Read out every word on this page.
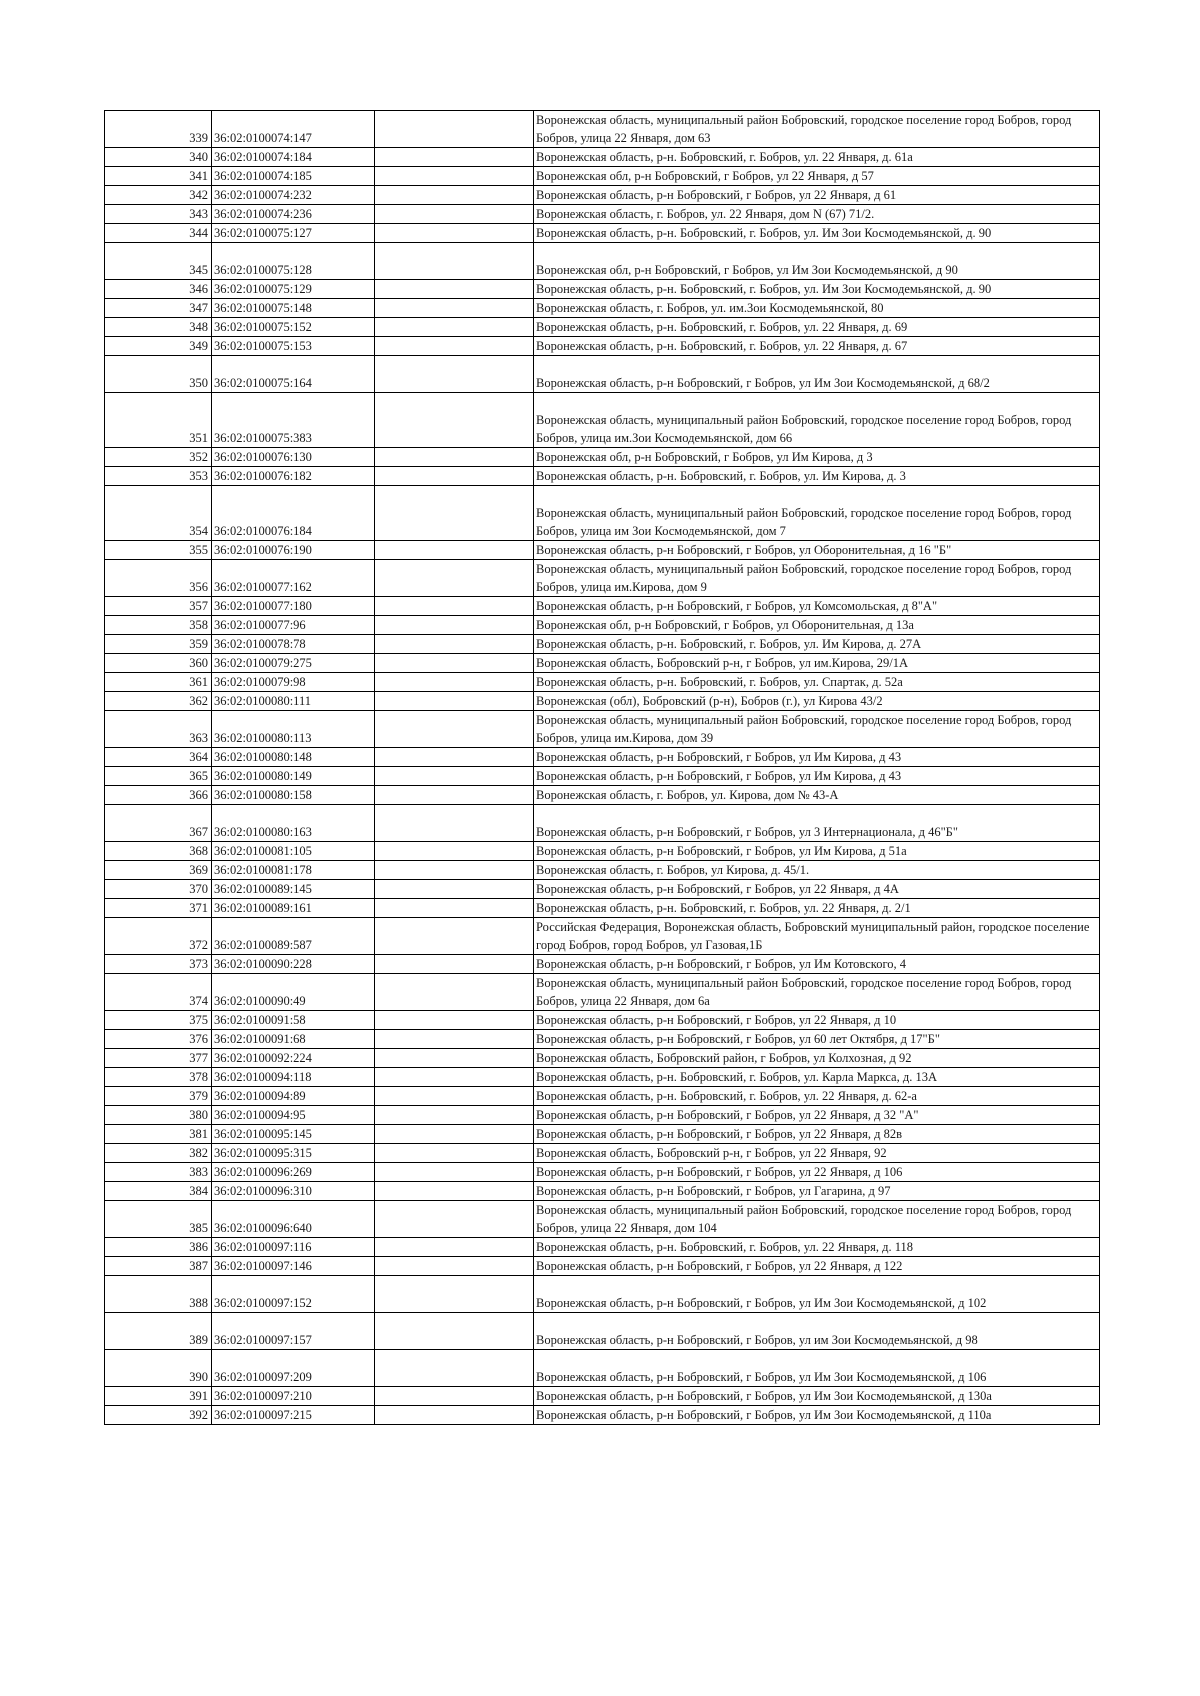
339	36:02:0100074:147		Воронежская область, муниципальный район Бобровский, городское поселение город Бобров, город Бобров, улица 22 Января, дом 63
340	36:02:0100074:184		Воронежская область, р-н. Бобровский, г. Бобров, ул. 22 Января, д. 61а
341	36:02:0100074:185		Воронежская обл, р-н Бобровский, г Бобров, ул 22 Января, д 57
342	36:02:0100074:232		Воронежская область, р-н Бобровский, г Бобров, ул 22 Января, д 61
343	36:02:0100074:236		Воронежская область, г. Бобров, ул. 22 Января, дом N (67) 71/2.
344	36:02:0100075:127		Воронежская область, р-н. Бобровский, г. Бобров, ул. Им Зои Космодемьянской, д. 90
345	36:02:0100075:128		Воронежская обл, р-н Бобровский, г Бобров, ул Им Зои Космодемьянской, д 90
346	36:02:0100075:129		Воронежская область, р-н. Бобровский, г. Бобров, ул. Им Зои Космодемьянской, д. 90
347	36:02:0100075:148		Воронежская область, г. Бобров, ул. им.Зои Космодемьянской, 80
348	36:02:0100075:152		Воронежская область, р-н. Бобровский, г. Бобров, ул. 22 Января, д. 69
349	36:02:0100075:153		Воронежская область, р-н. Бобровский, г. Бобров, ул. 22 Января, д. 67
350	36:02:0100075:164		Воронежская область, р-н Бобровский, г Бобров, ул Им Зои Космодемьянской, д 68/2
351	36:02:0100075:383		Воронежская область, муниципальный район Бобровский, городское поселение город Бобров, город Бобров, улица им.Зои Космодемьянской, дом 66
352	36:02:0100076:130		Воронежская обл, р-н Бобровский, г Бобров, ул Им Кирова, д 3
353	36:02:0100076:182		Воронежская область, р-н. Бобровский, г. Бобров, ул. Им Кирова, д. 3
354	36:02:0100076:184		Воронежская область, муниципальный район Бобровский, городское поселение город Бобров, город Бобров, улица им Зои Космодемьянской, дом 7
355	36:02:0100076:190		Воронежская область, р-н Бобровский, г Бобров, ул Оборонительная, д 16 "Б"
356	36:02:0100077:162		Воронежская область, муниципальный район Бобровский, городское поселение город Бобров, город Бобров, улица им.Кирова, дом 9
357	36:02:0100077:180		Воронежская область, р-н Бобровский, г Бобров, ул Комсомольская, д 8"А"
358	36:02:0100077:96		Воронежская обл, р-н Бобровский, г Бобров, ул Оборонительная, д 13а
359	36:02:0100078:78		Воронежская область, р-н. Бобровский, г. Бобров, ул. Им Кирова, д. 27А
360	36:02:0100079:275		Воронежская область, Бобровский р-н, г Бобров, ул им.Кирова, 29/1А
361	36:02:0100079:98		Воронежская область, р-н. Бобровский, г. Бобров, ул. Спартак, д. 52а
362	36:02:0100080:111		Воронежская (обл), Бобровский (р-н), Бобров (г.), ул Кирова 43/2
363	36:02:0100080:113		Воронежская область, муниципальный район Бобровский, городское поселение город Бобров, город Бобров, улица им.Кирова, дом 39
364	36:02:0100080:148		Воронежская область, р-н Бобровский, г Бобров, ул Им Кирова, д 43
365	36:02:0100080:149		Воронежская область, р-н Бобровский, г Бобров, ул Им Кирова, д 43
366	36:02:0100080:158		Воронежская область, г. Бобров, ул. Кирова, дом № 43-А
367	36:02:0100080:163		Воронежская область, р-н Бобровский, г Бобров, ул 3 Интернационала, д 46"Б"
368	36:02:0100081:105		Воронежская область, р-н Бобровский, г Бобров, ул Им Кирова, д 51а
369	36:02:0100081:178		Воронежская область, г. Бобров, ул Кирова, д. 45/1.
370	36:02:0100089:145		Воронежская область, р-н Бобровский, г Бобров, ул 22 Января, д 4А
371	36:02:0100089:161		Воронежская область, р-н. Бобровский, г. Бобров, ул. 22 Января, д. 2/1
372	36:02:0100089:587		Российская Федерация, Воронежская область, Бобровский муниципальный район, городское поселение город Бобров, город Бобров, ул Газовая,1Б
373	36:02:0100090:228		Воронежская область, р-н Бобровский, г Бобров, ул Им Котовского, 4
374	36:02:0100090:49		Воронежская область, муниципальный район Бобровский, городское поселение город Бобров, город Бобров, улица 22 Января, дом 6а
375	36:02:0100091:58		Воронежская область, р-н Бобровский, г Бобров, ул 22 Января, д 10
376	36:02:0100091:68		Воронежская область, р-н Бобровский, г Бобров, ул 60 лет Октября, д 17"Б"
377	36:02:0100092:224		Воронежская область, Бобровский район, г Бобров, ул Колхозная, д 92
378	36:02:0100094:118		Воронежская область, р-н. Бобровский, г. Бобров, ул. Карла Маркса, д. 13А
379	36:02:0100094:89		Воронежская область, р-н. Бобровский, г. Бобров, ул. 22 Января, д. 62-а
380	36:02:0100094:95		Воронежская область, р-н Бобровский, г Бобров, ул 22 Января, д 32 "А"
381	36:02:0100095:145		Воронежская область, р-н Бобровский, г Бобров, ул 22 Января, д 82в
382	36:02:0100095:315		Воронежская область, Бобровский р-н, г Бобров, ул 22 Января, 92
383	36:02:0100096:269		Воронежская область, р-н Бобровский, г Бобров, ул 22 Января, д 106
384	36:02:0100096:310		Воронежская область, р-н Бобровский, г Бобров, ул Гагарина, д 97
385	36:02:0100096:640		Воронежская область, муниципальный район Бобровский, городское поселение город Бобров, город Бобров, улица 22 Января, дом 104
386	36:02:0100097:116		Воронежская область, р-н. Бобровский, г. Бобров, ул. 22 Января, д. 118
387	36:02:0100097:146		Воронежская область, р-н Бобровский, г Бобров, ул 22 Января, д 122
388	36:02:0100097:152		Воронежская область, р-н Бобровский, г Бобров, ул Им Зои Космодемьянской, д 102
389	36:02:0100097:157		Воронежская область, р-н Бобровский, г Бобров, ул им Зои Космодемьянской, д 98
390	36:02:0100097:209		Воронежская область, р-н Бобровский, г Бобров, ул Им Зои Космодемьянской, д 106
391	36:02:0100097:210		Воронежская область, р-н Бобровский, г Бобров, ул Им Зои Космодемьянской, д 130а
392	36:02:0100097:215		Воронежская область, р-н Бобровский, г Бобров, ул Им Зои Космодемьянской, д 110а
